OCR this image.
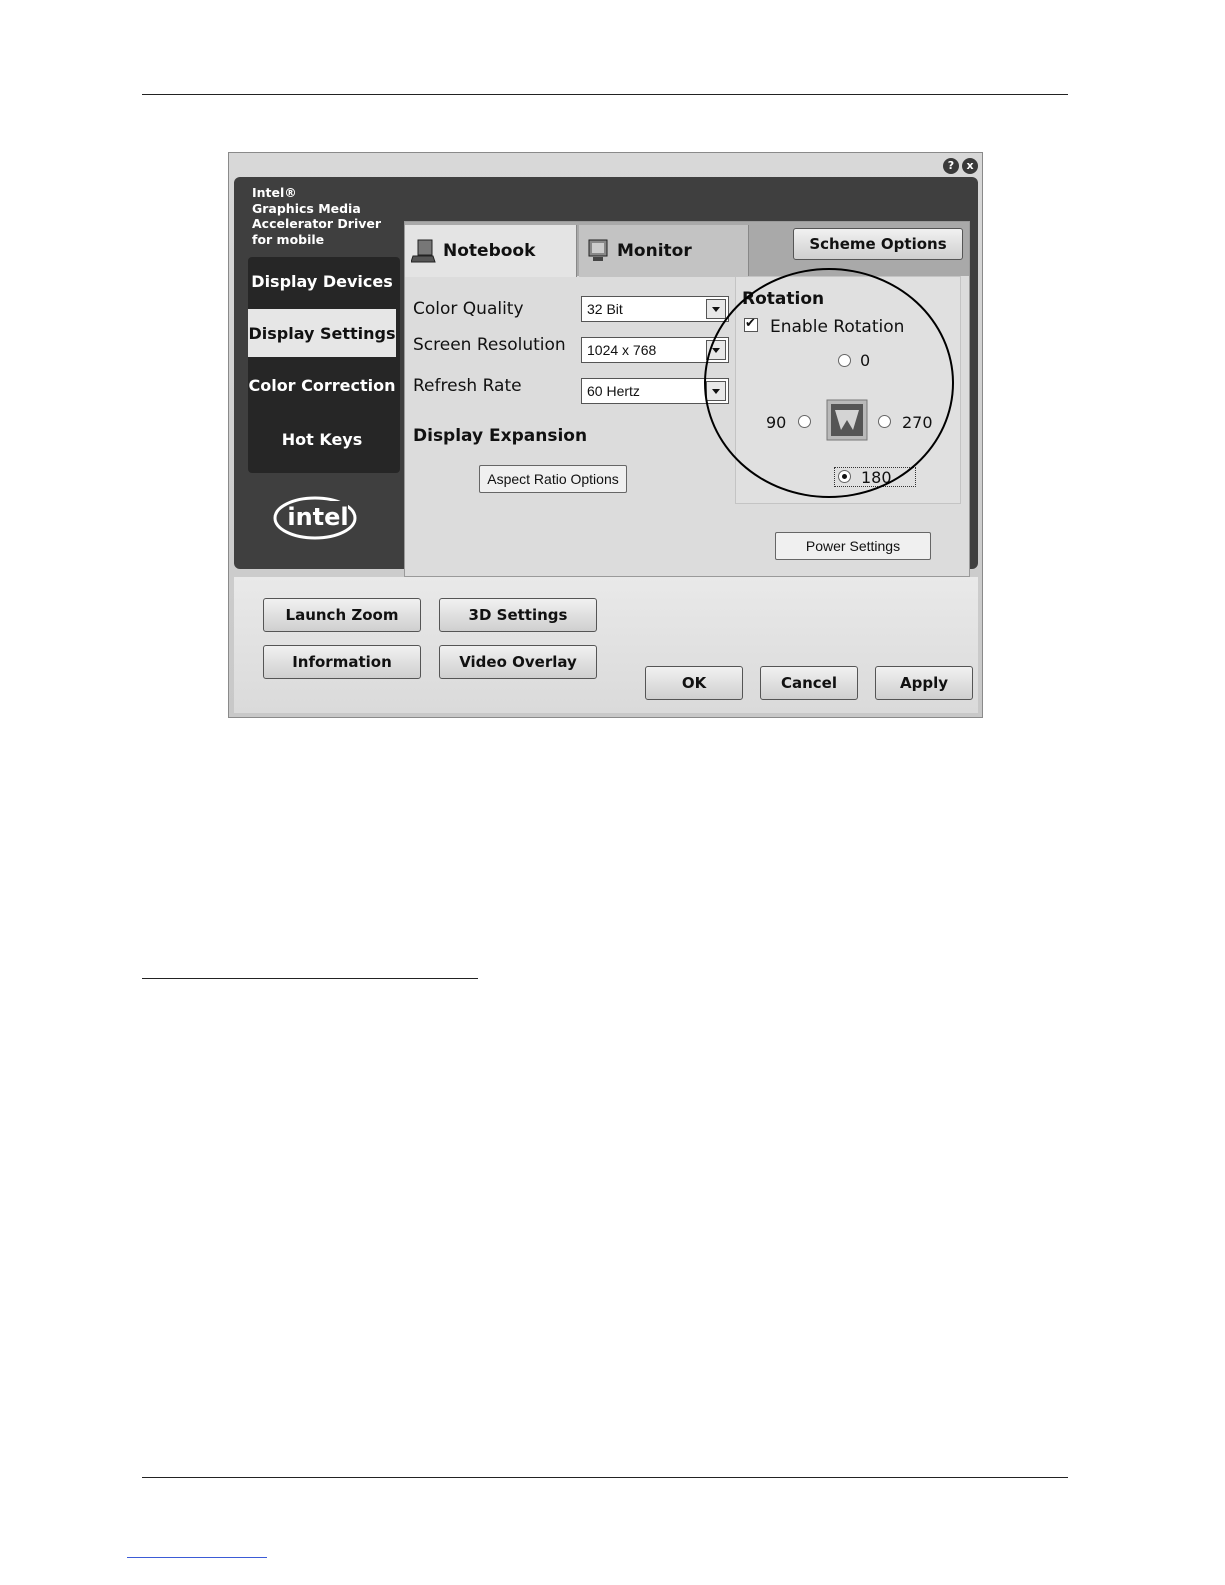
?	x
Intel®
Graphics Media
Accelerator Driver
for mobile
Display Devices
Display Settings
Color Correction
Hot Keys
intel
Notebook	Monitor	Scheme Options
Color Quality	32 Bit
Screen Resolution 1024 x 768
Refresh Rate	60 Hertz
Display Expansion
Aspect Ratio Options
Rotation
✔
Enable Rotation
0
90	270
180
Power Settings
Launch Zoom	3D Settings
Information	Video Overlay
OK	Cancel	Apply
